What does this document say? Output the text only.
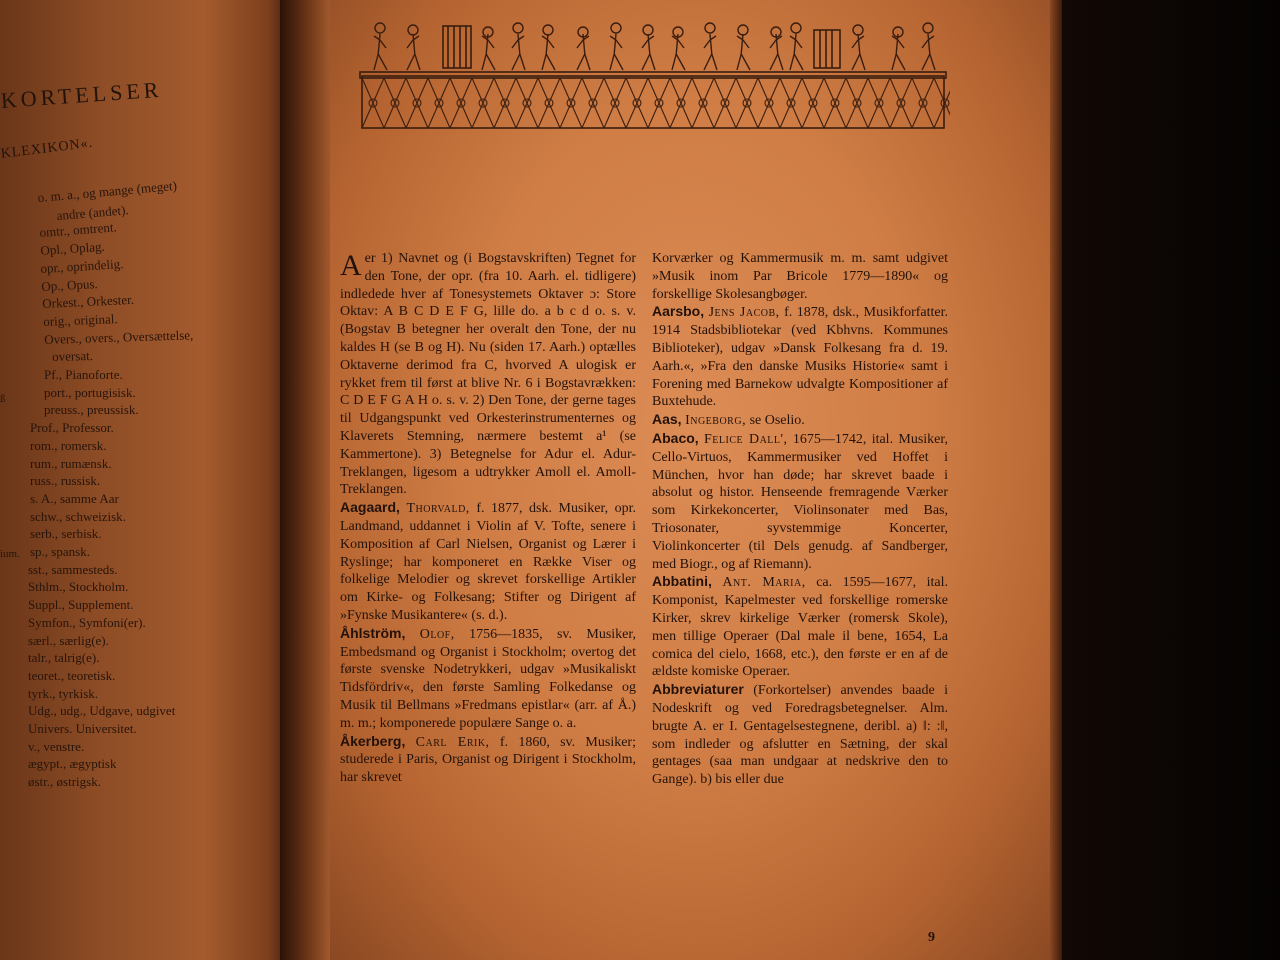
KORTELSER
KLEXIKON«.
o. m. a., og mange (meget)
andre (andet).
omtr., omtrent.
Opl., Oplag.
opr., oprindelig.
Op., Opus.
Orkest., Orkester.
orig., original.
Overs., overs., Oversættelse,
oversat.
Pf., Pianoforte.
port., portugisisk.
preuss., preussisk.
Prof., Professor.
rom., romersk.
rum., rumænsk.
russ., russisk.
s. A., samme Aar
schw., schweizisk.
serb., serbisk.
sp., spansk.
sst., sammesteds.
Sthlm., Stockholm.
Suppl., Supplement.
Symfon., Symfoni(er).
særl., særlig(e).
talr., talrig(e).
teoret., teoretisk.
tyrk., tyrkisk.
Udg., udg., Udgave, udgivet
Univers. Universitet.
v., venstre.
ægypt., ægyptisk
østr., østrigsk.
ß
ium.

Aer 1) Navnet og (i Bogstavskriften) Tegnet for den Tone, der opr. (fra 10. Aarh. el. tidligere) indledede hver af Tonesystemets Oktaver ɔ: Store Oktav: A B C D E F G, lille do. a b c d o. s. v. (Bogstav B betegner her overalt den Tone, der nu kaldes H (se B og H). Nu (siden 17. Aarh.) optælles Oktaverne derimod fra C, hvorved A ulogisk er rykket frem til først at blive Nr. 6 i Bogstavrækken: C D E F G A H o. s. v. 2) Den Tone, der gerne tages til Udgangspunkt ved Orkesterinstrumenternes og Klaverets Stemning, nærmere bestemt a¹ (se Kammertone). 3) Betegnelse for Adur el. Adur-Treklangen, ligesom a udtrykker Amoll el. Amoll-Treklangen.

Aagaard, Thorvald, f. 1877, dsk. Musiker, opr. Landmand, uddannet i Violin af V. Tofte, senere i Komposition af Carl Nielsen, Organist og Lærer i Ryslinge; har komponeret en Række Viser og folkelige Melodier og skrevet forskellige Artikler om Kirke- og Folkesang; Stifter og Dirigent af »Fynske Musikantere« (s. d.).

Åhlström, Olof, 1756—1835, sv. Musiker, Embedsmand og Organist i Stockholm; overtog det første svenske Nodetrykkeri, udgav »Musikaliskt Tidsfördriv«, den første Samling Folkedanse og Musik til Bellmans »Fredmans epistlar« (arr. af Å.) m. m.; komponerede populære Sange o. a.

Åkerberg, Carl Erik, f. 1860, sv. Musiker; studerede i Paris, Organist og Dirigent i Stockholm, har skrevet

Korværker og Kammermusik m. m. samt udgivet »Musik inom Par Bricole 1779—1890« og forskellige Skolesangbøger.

Aarsbo, Jens Jacob, f. 1878, dsk., Musikforfatter. 1914 Stadsbibliotekar (ved Kbhvns. Kommunes Biblioteker), udgav »Dansk Folkesang fra d. 19. Aarh.«, »Fra den danske Musiks Historie« samt i Forening med Barnekow udvalgte Kompositioner af Buxtehude.

Aas, Ingeborg, se Oselio.

Abaco, Felice Dall', 1675—1742, ital. Musiker, Cello-Virtuos, Kammermusiker ved Hoffet i München, hvor han døde; har skrevet baade i absolut og histor. Henseende fremragende Værker som Kirkekoncerter, Violinsonater med Bas, Triosonater, syvstemmige Koncerter, Violinkoncerter (til Dels genudg. af Sandberger, med Biogr., og af Riemann).

Abbatini, Ant. Maria, ca. 1595—1677, ital. Komponist, Kapelmester ved forskellige romerske Kirker, skrev kirkelige Værker (romersk Skole), men tillige Operaer (Dal male il bene, 1654, La comica del cielo, 1668, etc.), den første er en af de ældste komiske Operaer.

Abbreviaturer (Forkortelser) anvendes baade i Nodeskrift og ved Foredragsbetegnelser. Alm. brugte A. er I. Gentagelsestegnene, deribl. a) ‖: :‖, som indleder og afslutter en Sætning, der skal gentages (saa man undgaar at nedskrive den to Gange). b) bis eller due

9
